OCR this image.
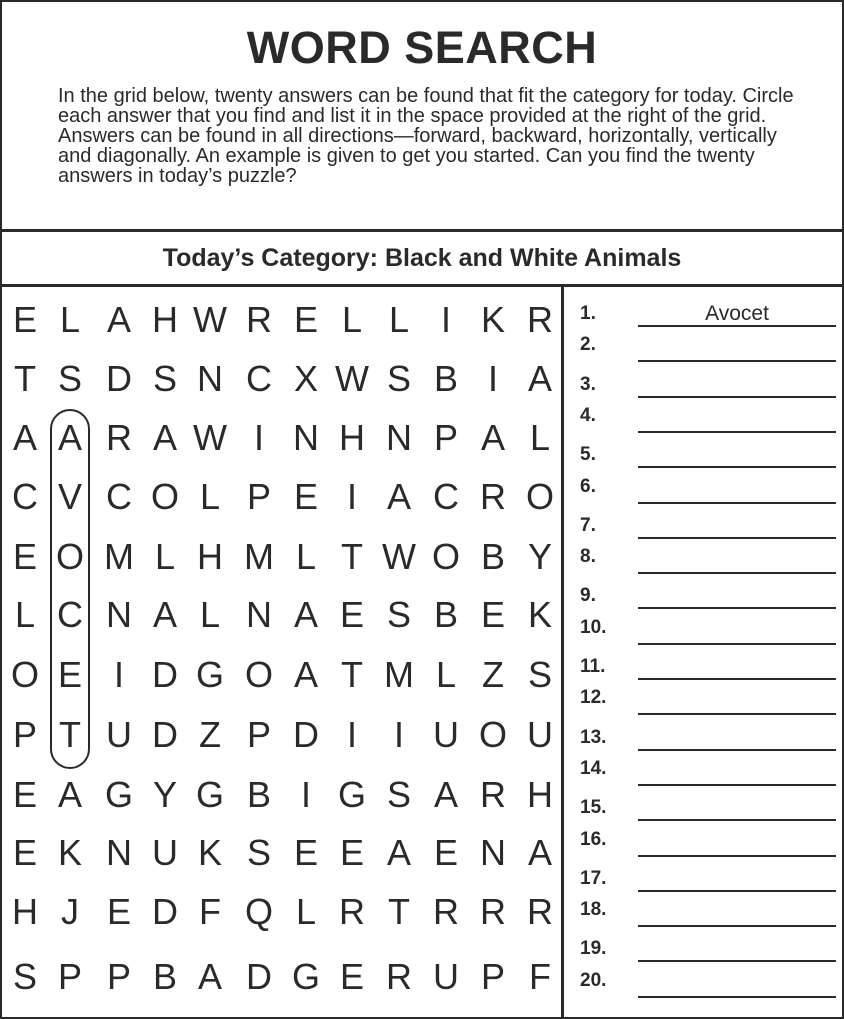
WORD SEARCH
In the grid below, twenty answers can be found that fit the category for today. Circle each answer that you find and list it in the space provided at the right of the grid. Answers can be found in all directions—forward, backward, horizontally, vertically and diagonally. An example is given to get you started. Can you find the twenty answers in today’s puzzle?
Today’s Category: Black and White Animals
E L A H W R E L L I K R
T S D S N C X W S B I A
A A R A W I N H N P A L
C V C O L P E I A C R O
E O M L H M L T W O B Y
L C N A L N A E S B E K
O E I D G O A T M L Z S
P T U D Z P D I	I U O U
E A G Y G B I G S A R H
E K N U K S E E A E N A
H J E D F Q L R T R R R
S P P B A D G E R U P F
1.	Avocet
2.
3.
4.
5.
6.
7.
8.
9.
10.
11.
12.
13.
14.
15.
16.
17.
18.
19.
20.
